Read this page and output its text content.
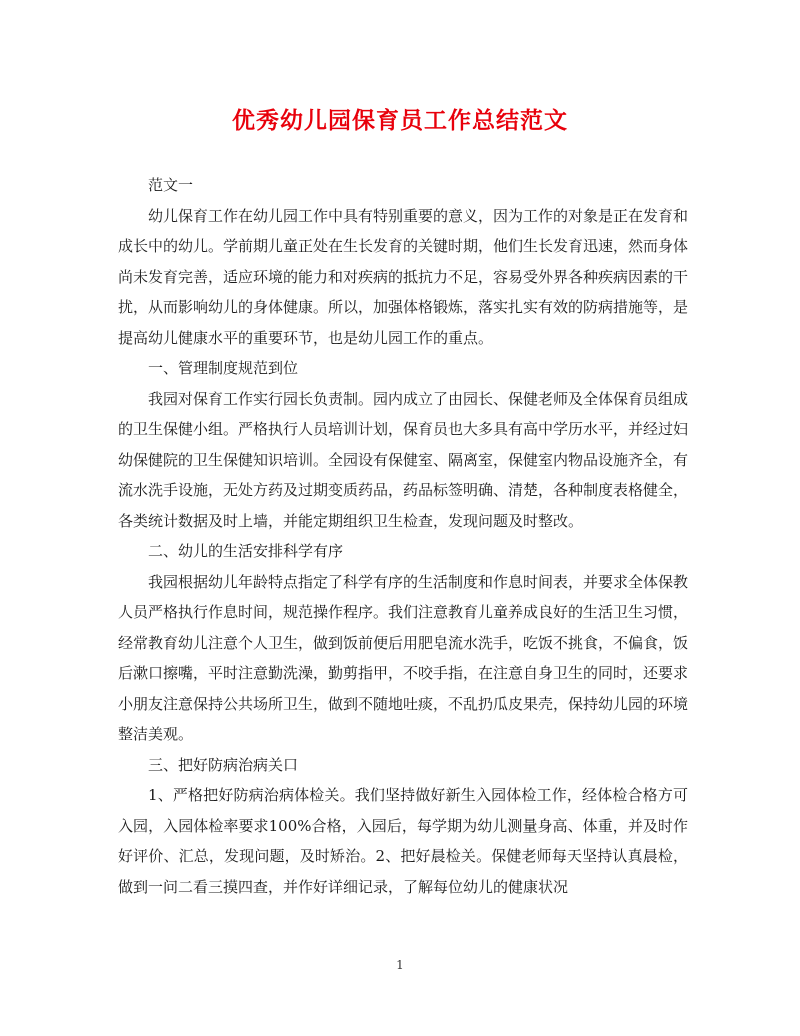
优秀幼儿园保育员工作总结范文

范文一

幼儿保育工作在幼儿园工作中具有特别重要的意义，因为工作的对象是正在发育和成长中的幼儿。学前期儿童正处在生长发育的关键时期，他们生长发育迅速，然而身体尚未发育完善，适应环境的能力和对疾病的抵抗力不足，容易受外界各种疾病因素的干扰，从而影响幼儿的身体健康。所以，加强体格锻炼，落实扎实有效的防病措施等，是提高幼儿健康水平的重要环节，也是幼儿园工作的重点。

一、管理制度规范到位

我园对保育工作实行园长负责制。园内成立了由园长、保健老师及全体保育员组成的卫生保健小组。严格执行人员培训计划，保育员也大多具有高中学历水平，并经过妇幼保健院的卫生保健知识培训。全园设有保健室、隔离室，保健室内物品设施齐全，有流水洗手设施，无处方药及过期变质药品，药品标签明确、清楚，各种制度表格健全，各类统计数据及时上墙，并能定期组织卫生检查，发现问题及时整改。

二、幼儿的生活安排科学有序

我园根据幼儿年龄特点指定了科学有序的生活制度和作息时间表，并要求全体保教人员严格执行作息时间，规范操作程序。我们注意教育儿童养成良好的生活卫生习惯，经常教育幼儿注意个人卫生，做到饭前便后用肥皂流水洗手，吃饭不挑食，不偏食，饭后漱口擦嘴，平时注意勤洗澡，勤剪指甲，不咬手指，在注意自身卫生的同时，还要求小朋友注意保持公共场所卫生，做到不随地吐痰，不乱扔瓜皮果壳，保持幼儿园的环境整洁美观。

三、把好防病治病关口

1、严格把好防病治病体检关。我们坚持做好新生入园体检工作，经体检合格方可入园，入园体检率要求100%合格，入园后，每学期为幼儿测量身高、体重，并及时作好评价、汇总，发现问题，及时矫治。2、把好晨检关。保健老师每天坚持认真晨检，做到一问二看三摸四查，并作好详细记录，了解每位幼儿的健康状况

1
